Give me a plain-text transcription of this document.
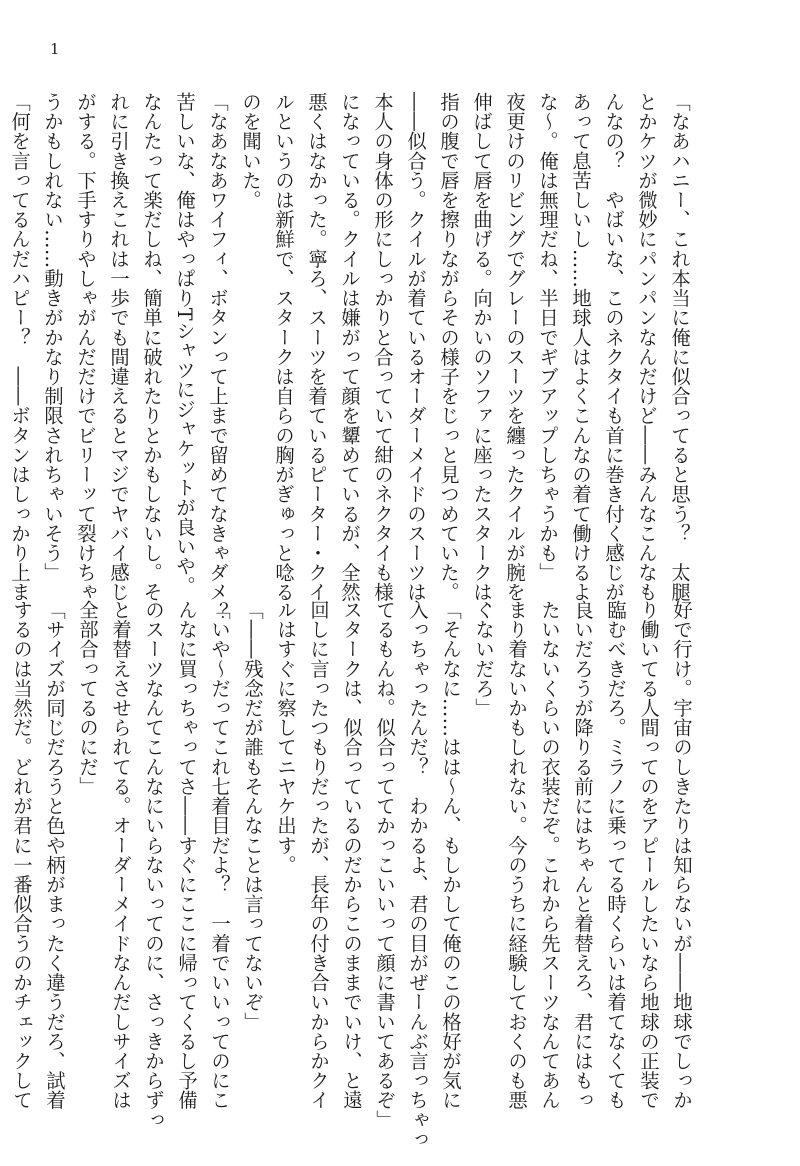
1

「なあハニー、これ本当に俺に似合ってると思う？　太腿

とかケツが微妙にパンパンなんだけど――みんなこんなも

んなの？　やばいな、このネクタイも首に巻き付く感じが

あって息苦しいし……地球人はよくこんなの着て働けるよ

な～。俺は無理だね、半日でギブアップしちゃうかも」

夜更けのリビングでグレーのスーツを纏ったクイルが腕を

伸ばして唇を曲げる。向かいのソファに座ったスタークは、

指の腹で唇を擦りながらその様子をじっと見つめていた。

――似合う。クイルが着ているオーダーメイドのスーツは

本人の身体の形にしっかりと合っていて紺のネクタイも様

になっている。クイルは嫌がって顔を顰めているが、全然

悪くはなかった。寧ろ、スーツを着ているピーター・クイ

ルというのは新鮮で、スタークは自らの胸がぎゅっと唸る

のを聞いた。

「なあなあワイフィ、ボタンって上まで留めてなきゃダメ？

苦しいな、俺はやっぱりTシャツにジャケットが良いや。

なんたって楽だしね、簡単に破れたりとかもしないし。そ

れに引き換えこれは一歩でも間違えるとマジでヤバイ感じ

がする。下手すりやしゃがんだだけでビリーッて裂けちゃ

うかもしれない……動きがかなり制限されちゃいそう」

「何を言ってるんだハピー？　――ボタンはしっかり上ま

好で行け。宇宙のしきたりは知らないが――地球でしっか

り働いてる人間ってのをアピールしたいなら地球の正装で

臨むべきだろ。ミラノに乗ってる時くらいは着てなくても

良いだろうが降りる前にはちゃんと着替えろ、君にはもっ

たいないくらいの衣装だぞ。これから先スーツなんてあん

まり着ないかもしれない。今のうちに経験しておくのも悪

くないだろ」

「そんなに……はは～ん、もしかして俺のこの格好が気に

入っちゃったんだ？　わかるよ、君の目がぜーんぶ言っちゃっ

てるもんね。似合っててかっこいいって顔に書いてあるぞ」

スタークは、似合っているのだからこのままでいけ、と遠

回しに言ったつもりだったが、長年の付き合いからかクイ

ルはすぐに察してニヤケ出す。

「――残念だが誰もそんなことは言ってないぞ」

「いや～だってこれ七着目だよ？　一着でいいってのにこ

んなに買っちゃってさ――すぐにここに帰ってくるし予備

のスーツなんてこんなにいらないってのに、さっきからずっ

と着替えさせられてる。オーダーメイドなんだしサイズは

全部合ってるのにだ」

「サイズが同じだろうと色や柄がまったく違うだろ、試着

するのは当然だ。どれが君に一番似合うのかチェックして
